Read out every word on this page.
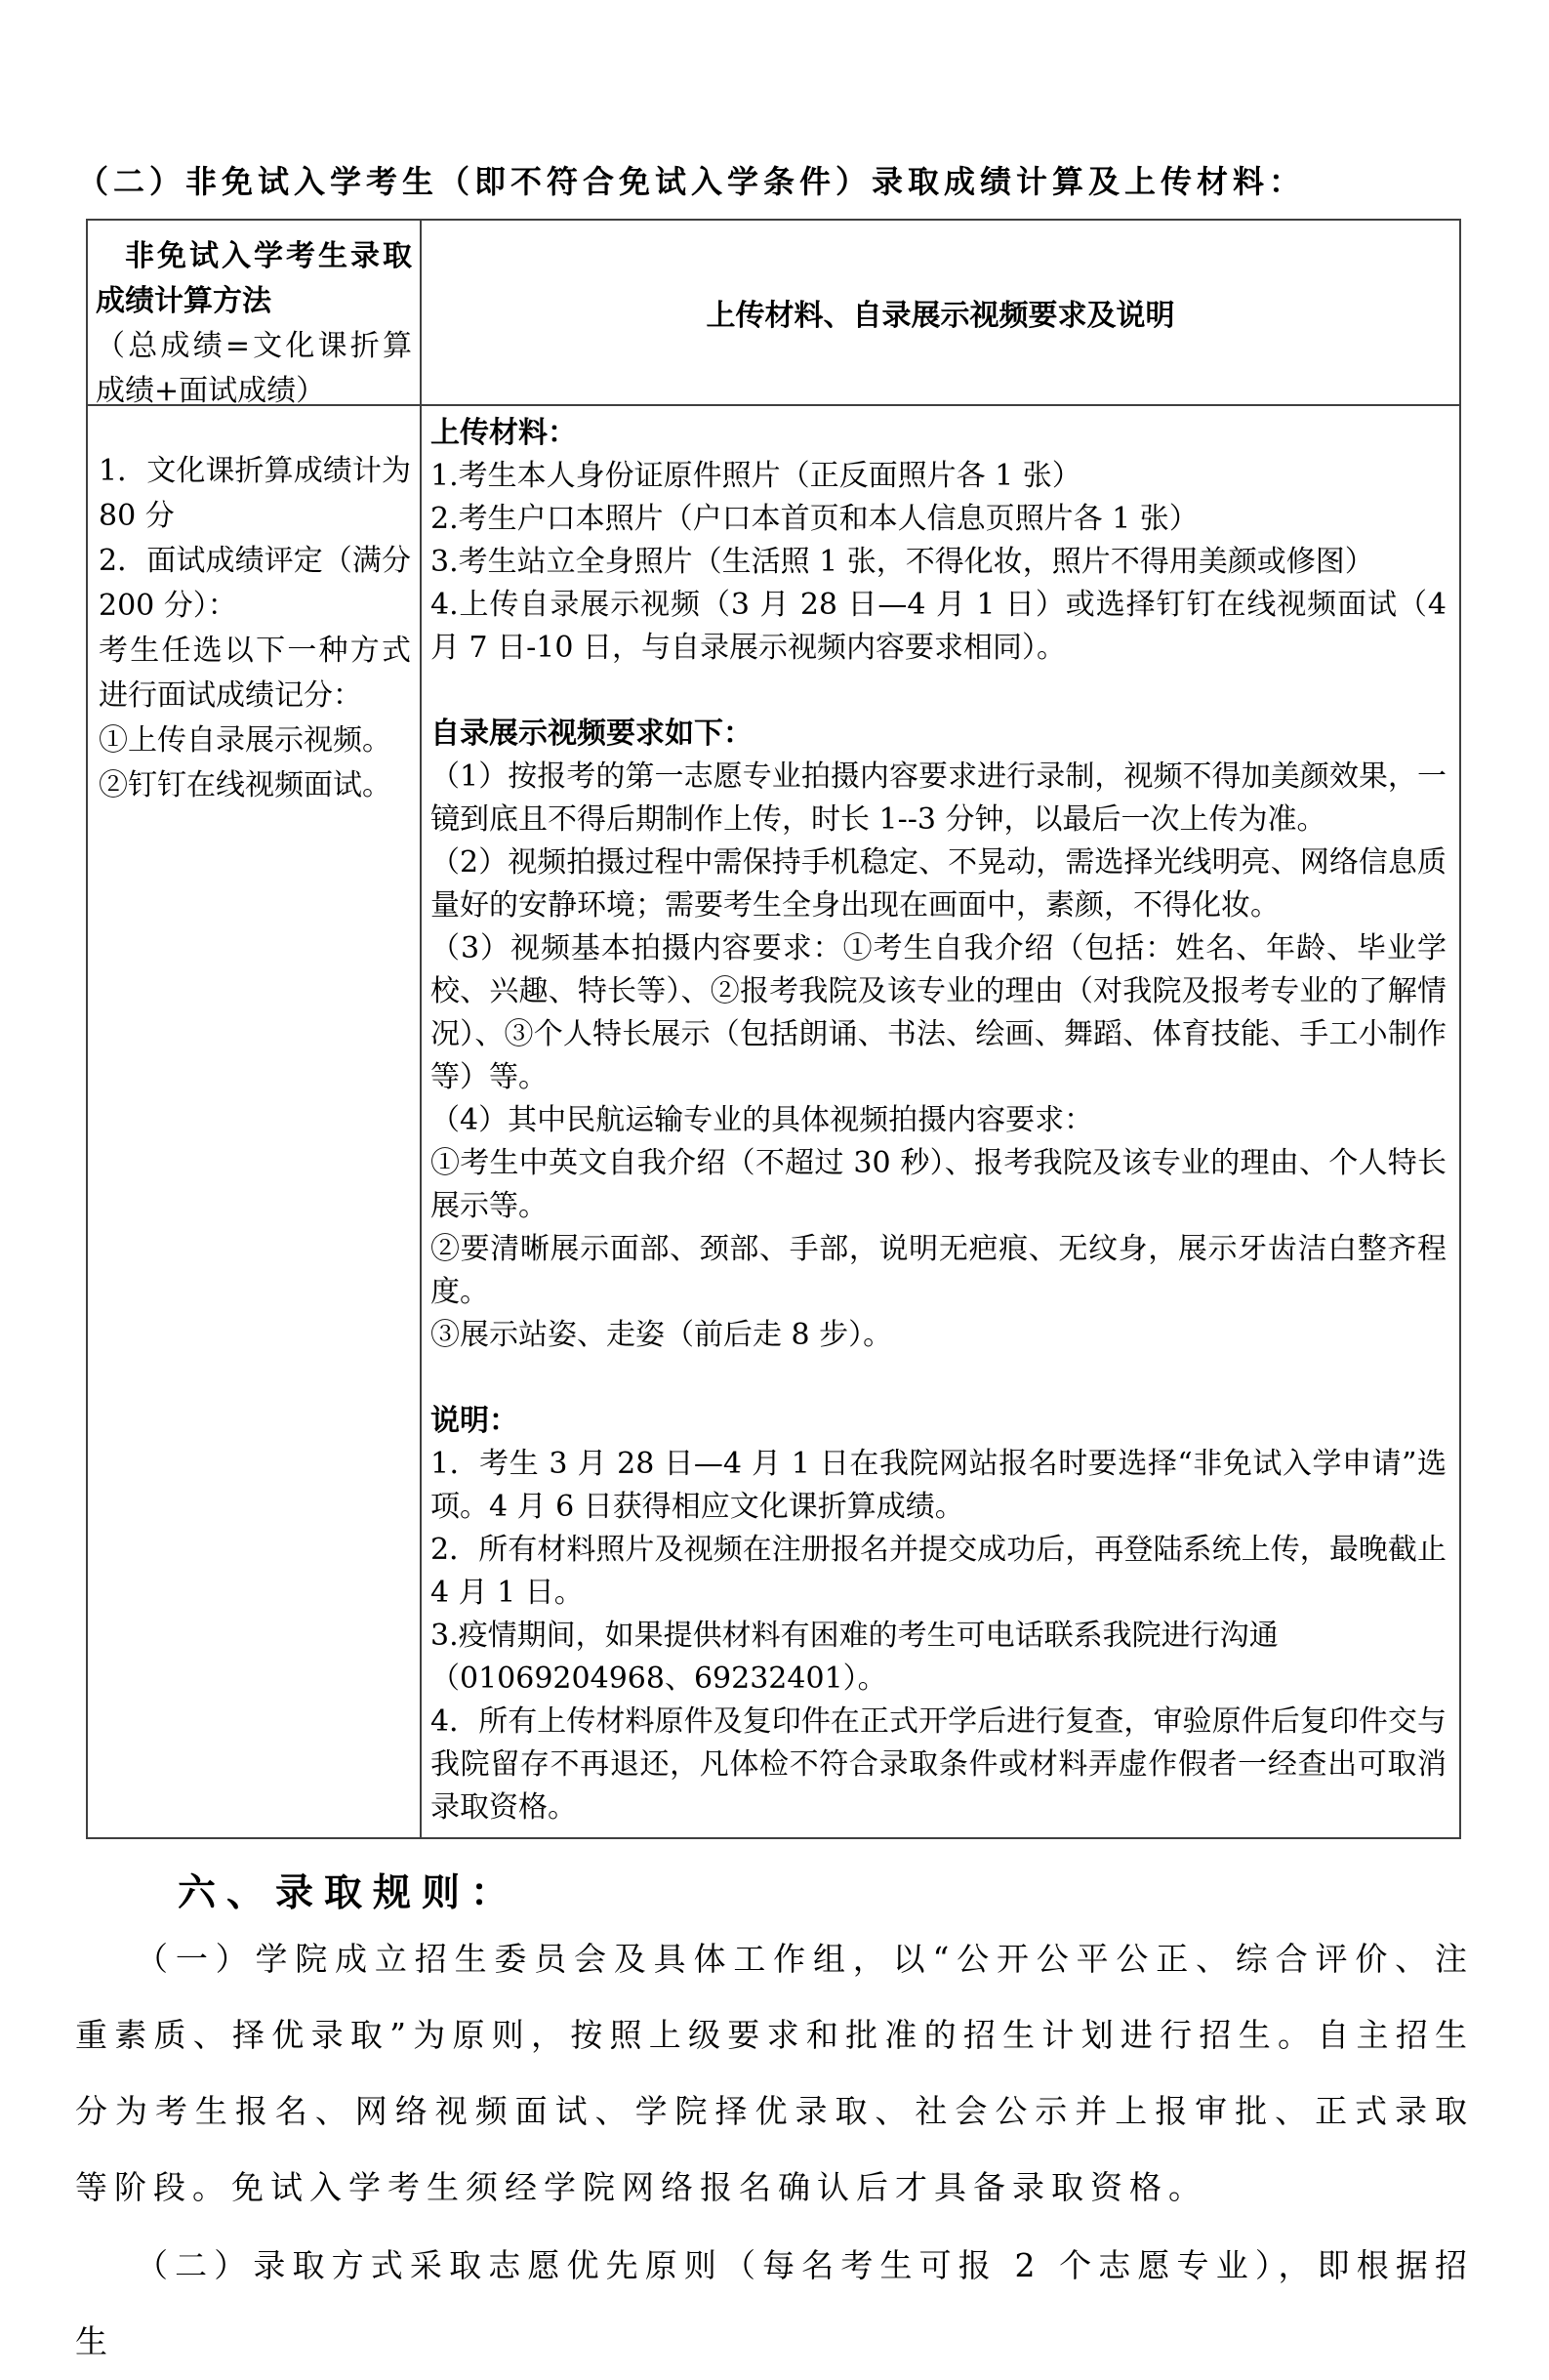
（二）非免试入学考生（即不符合免试入学条件）录取成绩计算及上传材料：

非免试入学考生录取成绩计算方法

（总成绩=文化课折算成绩+面试成绩）

上传材料、自录展示视频要求及说明

1．文化课折算成绩计为 80 分

2．面试成绩评定（满分 200 分）：

考生任选以下一种方式进行面试成绩记分：

①上传自录展示视频。

②钉钉在线视频面试。

上传材料：

1.考生本人身份证原件照片（正反面照片各 1 张）

2.考生户口本照片（户口本首页和本人信息页照片各 1 张）

3.考生站立全身照片（生活照 1 张，不得化妆，照片不得用美颜或修图）

4.上传自录展示视频（3 月 28 日—4 月 1 日）或选择钉钉在线视频面试（4 月 7 日-10 日，与自录展示视频内容要求相同）。

自录展示视频要求如下：

（1）按报考的第一志愿专业拍摄内容要求进行录制，视频不得加美颜效果，一镜到底且不得后期制作上传，时长 1--3 分钟，以最后一次上传为准。

（2）视频拍摄过程中需保持手机稳定、不晃动，需选择光线明亮、网络信息质量好的安静环境；需要考生全身出现在画面中，素颜，不得化妆。

（3）视频基本拍摄内容要求：①考生自我介绍（包括：姓名、年龄、毕业学校、兴趣、特长等）、②报考我院及该专业的理由（对我院及报考专业的了解情况）、③个人特长展示（包括朗诵、书法、绘画、舞蹈、体育技能、手工小制作等）等。

（4）其中民航运输专业的具体视频拍摄内容要求：

①考生中英文自我介绍（不超过 30 秒）、报考我院及该专业的理由、个人特长展示等。

②要清晰展示面部、颈部、手部，说明无疤痕、无纹身，展示牙齿洁白整齐程度。

③展示站姿、走姿（前后走 8 步）。

说明：

1．考生 3 月 28 日—4 月 1 日在我院网站报名时要选择“非免试入学申请”选项。4 月 6 日获得相应文化课折算成绩。

2．所有材料照片及视频在注册报名并提交成功后，再登陆系统上传，最晚截止 4 月 1 日。

3.疫情期间，如果提供材料有困难的考生可电话联系我院进行沟通

（01069204968、69232401）。

4．所有上传材料原件及复印件在正式开学后进行复查，审验原件后复印件交与我院留存不再退还，凡体检不符合录取条件或材料弄虚作假者一经查出可取消录取资格。

六、录取规则：

（一）学院成立招生委员会及具体工作组，以“公开公平公正、综合评价、注重素质、择优录取”为原则，按照上级要求和批准的招生计划进行招生。自主招生分为考生报名、网络视频面试、学院择优录取、社会公示并上报审批、正式录取等阶段。免试入学考生须经学院网络报名确认后才具备录取资格。

（二）录取方式采取志愿优先原则（每名考生可报 2 个志愿专业），即根据招生
